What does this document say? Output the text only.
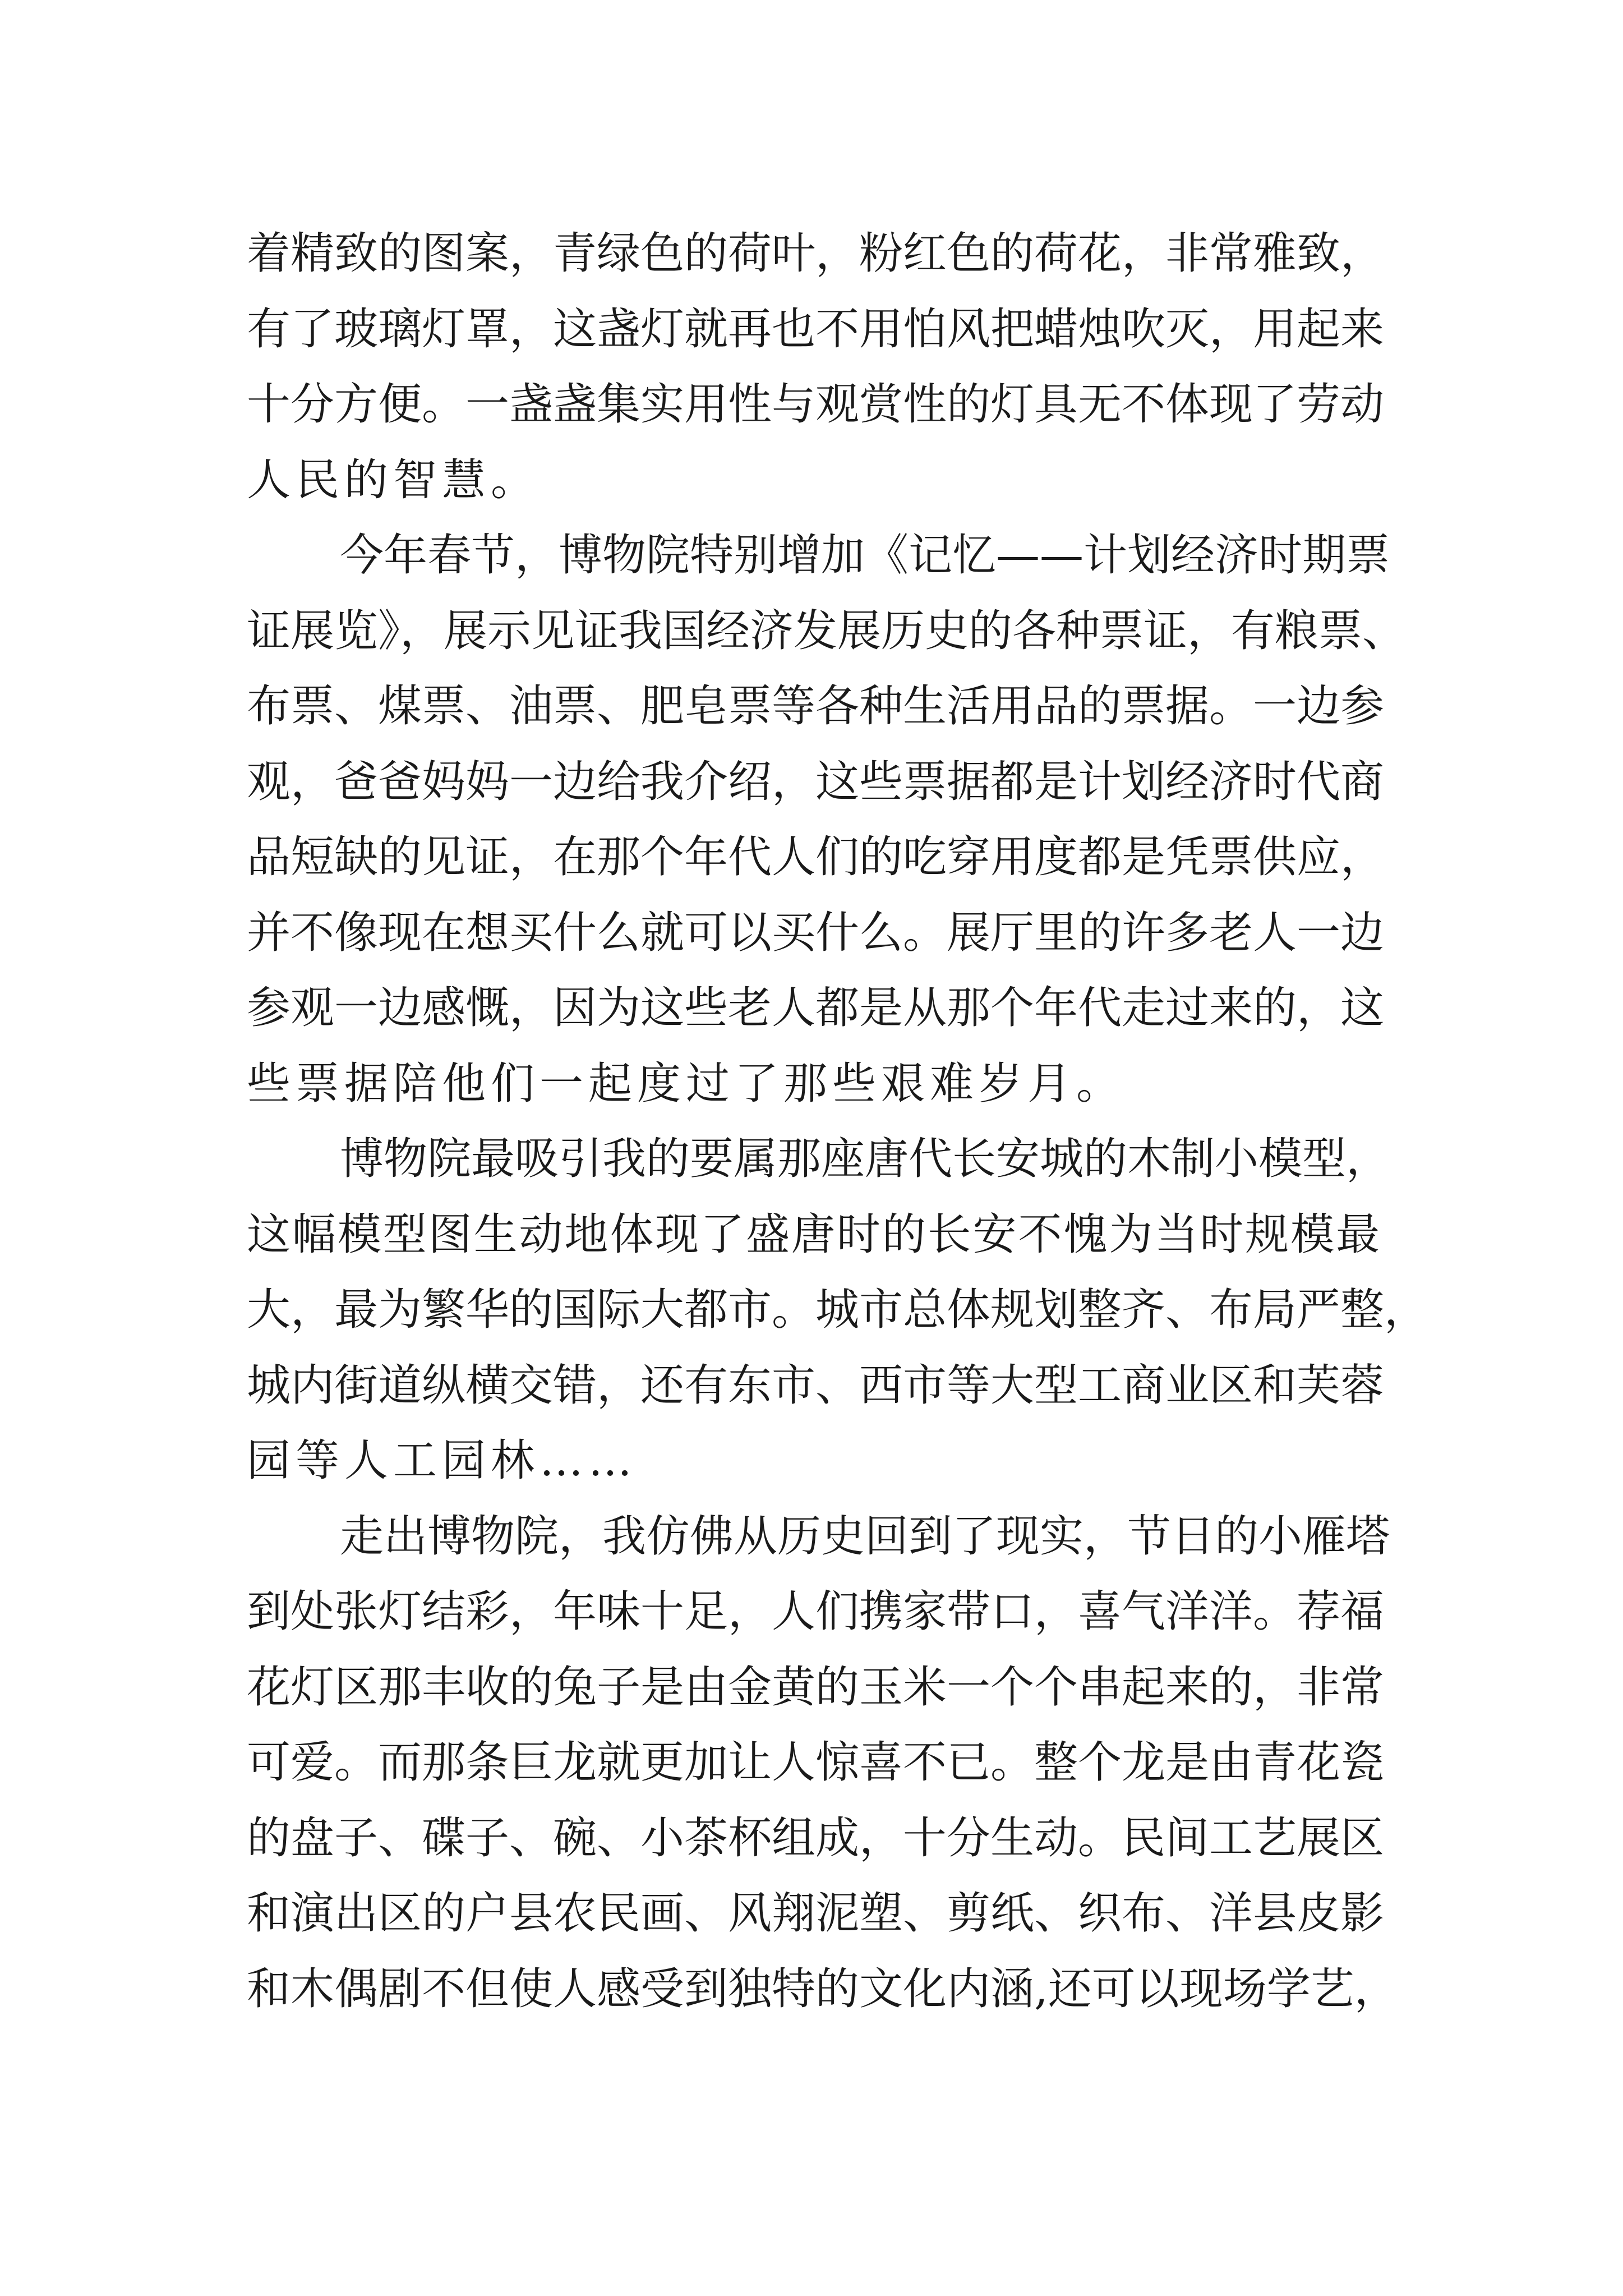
着精致的图案，青绿色的荷叶，粉红色的荷花，非常雅致，
有了玻璃灯罩，这盏灯就再也不用怕风把蜡烛吹灭，用起来
十分方便。一盏盏集实用性与观赏性的灯具无不体现了劳动
人民的智慧。
今年春节，博物院特别增加《记忆——计划经济时期票
证展览》，展示见证我国经济发展历史的各种票证，有粮票、
布票、煤票、油票、肥皂票等各种生活用品的票据。一边参
观，爸爸妈妈一边给我介绍，这些票据都是计划经济时代商
品短缺的见证，在那个年代人们的吃穿用度都是凭票供应，
并不像现在想买什么就可以买什么。展厅里的许多老人一边
参观一边感慨，因为这些老人都是从那个年代走过来的，这
些票据陪他们一起度过了那些艰难岁月。
博物院最吸引我的要属那座唐代长安城的木制小模型，
这幅模型图生动地体现了盛唐时的长安不愧为当时规模最
大，最为繁华的国际大都市。城市总体规划整齐、布局严整，
城内街道纵横交错，还有东市、西市等大型工商业区和芙蓉
园等人工园林……
走出博物院，我仿佛从历史回到了现实，节日的小雁塔
到处张灯结彩，年味十足，人们携家带口，喜气洋洋。荐福
花灯区那丰收的兔子是由金黄的玉米一个个串起来的，非常
可爱。而那条巨龙就更加让人惊喜不已。整个龙是由青花瓷
的盘子、碟子、碗、小茶杯组成，十分生动。民间工艺展区
和演出区的户县农民画、风翔泥塑、剪纸、织布、洋县皮影
和木偶剧不但使人感受到独特的文化内涵,还可以现场学艺，
